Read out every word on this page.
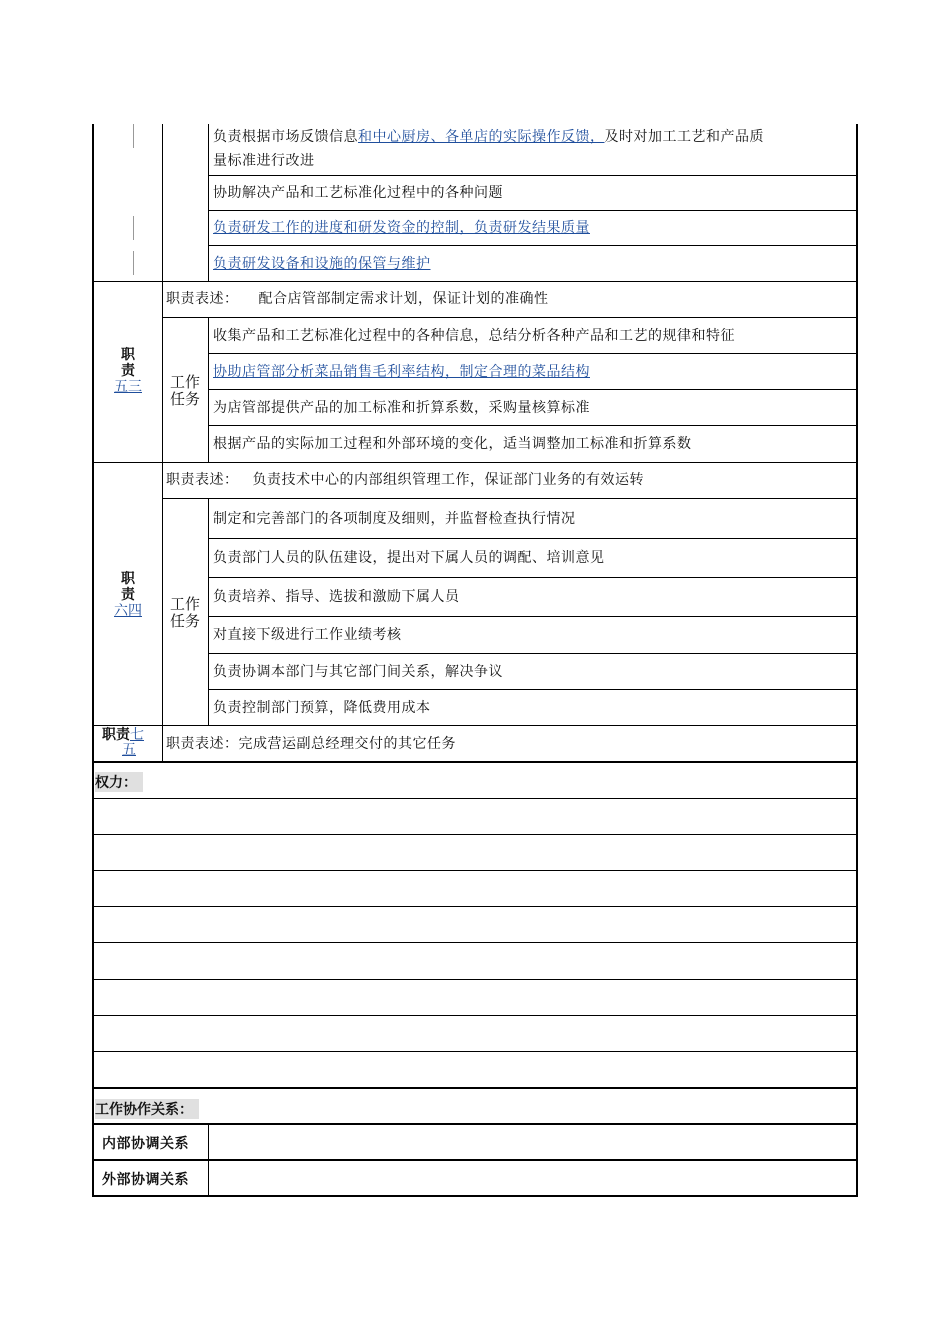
负责根据市场反馈信息和中心厨房、各单店的实际操作反馈，及时对加工工艺和产品质
量标准进行改进
协助解决产品和工艺标准化过程中的各种问题
负责研发工作的进度和研发资金的控制，负责研发结果质量
负责研发设备和设施的保管与维护
职
责
五三
职责表述： 配合店管部制定需求计划，保证计划的准确性
工作
任务
收集产品和工艺标准化过程中的各种信息，总结分析各种产品和工艺的规律和特征
协助店管部分析菜品销售毛利率结构，制定合理的菜品结构
为店管部提供产品的加工标准和折算系数，采购量核算标准
根据产品的实际加工过程和外部环境的变化，适当调整加工标准和折算系数
职
责
六四
职责表述： 负责技术中心的内部组织管理工作，保证部门业务的有效运转
工作
任务
制定和完善部门的各项制度及细则，并监督检查执行情况
负责部门人员的队伍建设，提出对下属人员的调配、培训意见
负责培养、指导、选拔和激励下属人员
对直接下级进行工作业绩考核
负责协调本部门与其它部门间关系，解决争议
负责控制部门预算，降低费用成本
职责七
五	职责表述：完成营运副总经理交付的其它任务
权力：
工作协作关系：
内部协调关系
外部协调关系
